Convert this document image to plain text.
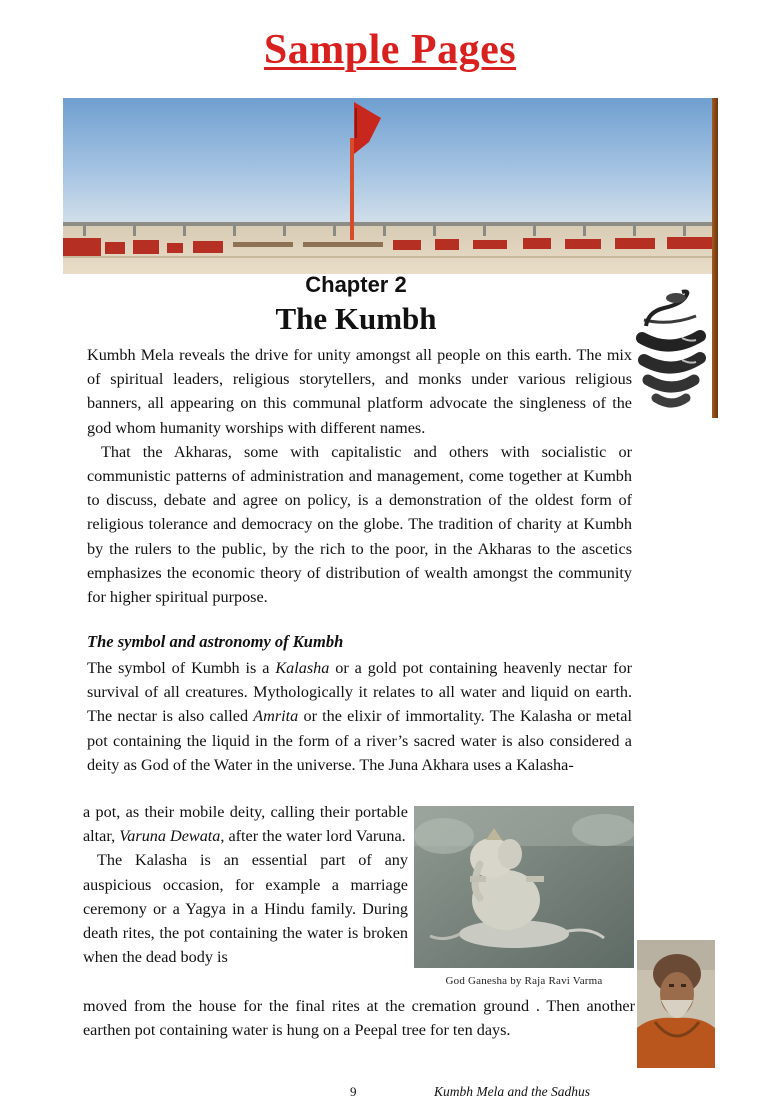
Sample Pages
Chapter 2
The Kumbh

Kumbh Mela reveals the drive for unity amongst all people on this earth. The mix of spiritual leaders, religious storytellers, and monks under various religious banners, all appearing on this communal platform advocate the singleness of the god whom humanity worships with different names.

That the Akharas, some with capitalistic and others with socialistic or communistic patterns of administration and management, come together at Kumbh to discuss, debate and agree on policy, is a demonstration of the oldest form of religious tolerance and democracy on the globe. The tradition of charity at Kumbh by the rulers to the public, by the rich to the poor, in the Akharas to the ascetics emphasizes the economic theory of distribution of wealth amongst the community for higher spiritual purpose.

The symbol and astronomy of Kumbh

The symbol of Kumbh is a Kalasha or a gold pot containing heavenly nectar for survival of all creatures. Mythologically it relates to all water and liquid on earth. The nectar is also called Amrita or the elixir of immortality. The Kalasha or metal pot containing the liquid in the form of a river’s sacred water is also considered a deity as God of the Water in the universe. The Juna Akhara uses a Kalasha-

a pot, as their mobile deity, calling their portable altar, Varuna Dewata, after the water lord Varuna.

The Kalasha is an essential part of any auspicious occasion, for example a marriage ceremony or a Yagya in a Hindu family. During death rites, the pot containing the water is broken when the dead body is

moved from the house for the final rites at the cremation ground . Then another earthen pot containing water is hung on a Peepal tree for ten days.
God Ganesha by Raja Ravi Varma
9	Kumbh Mela and the Sadhus
